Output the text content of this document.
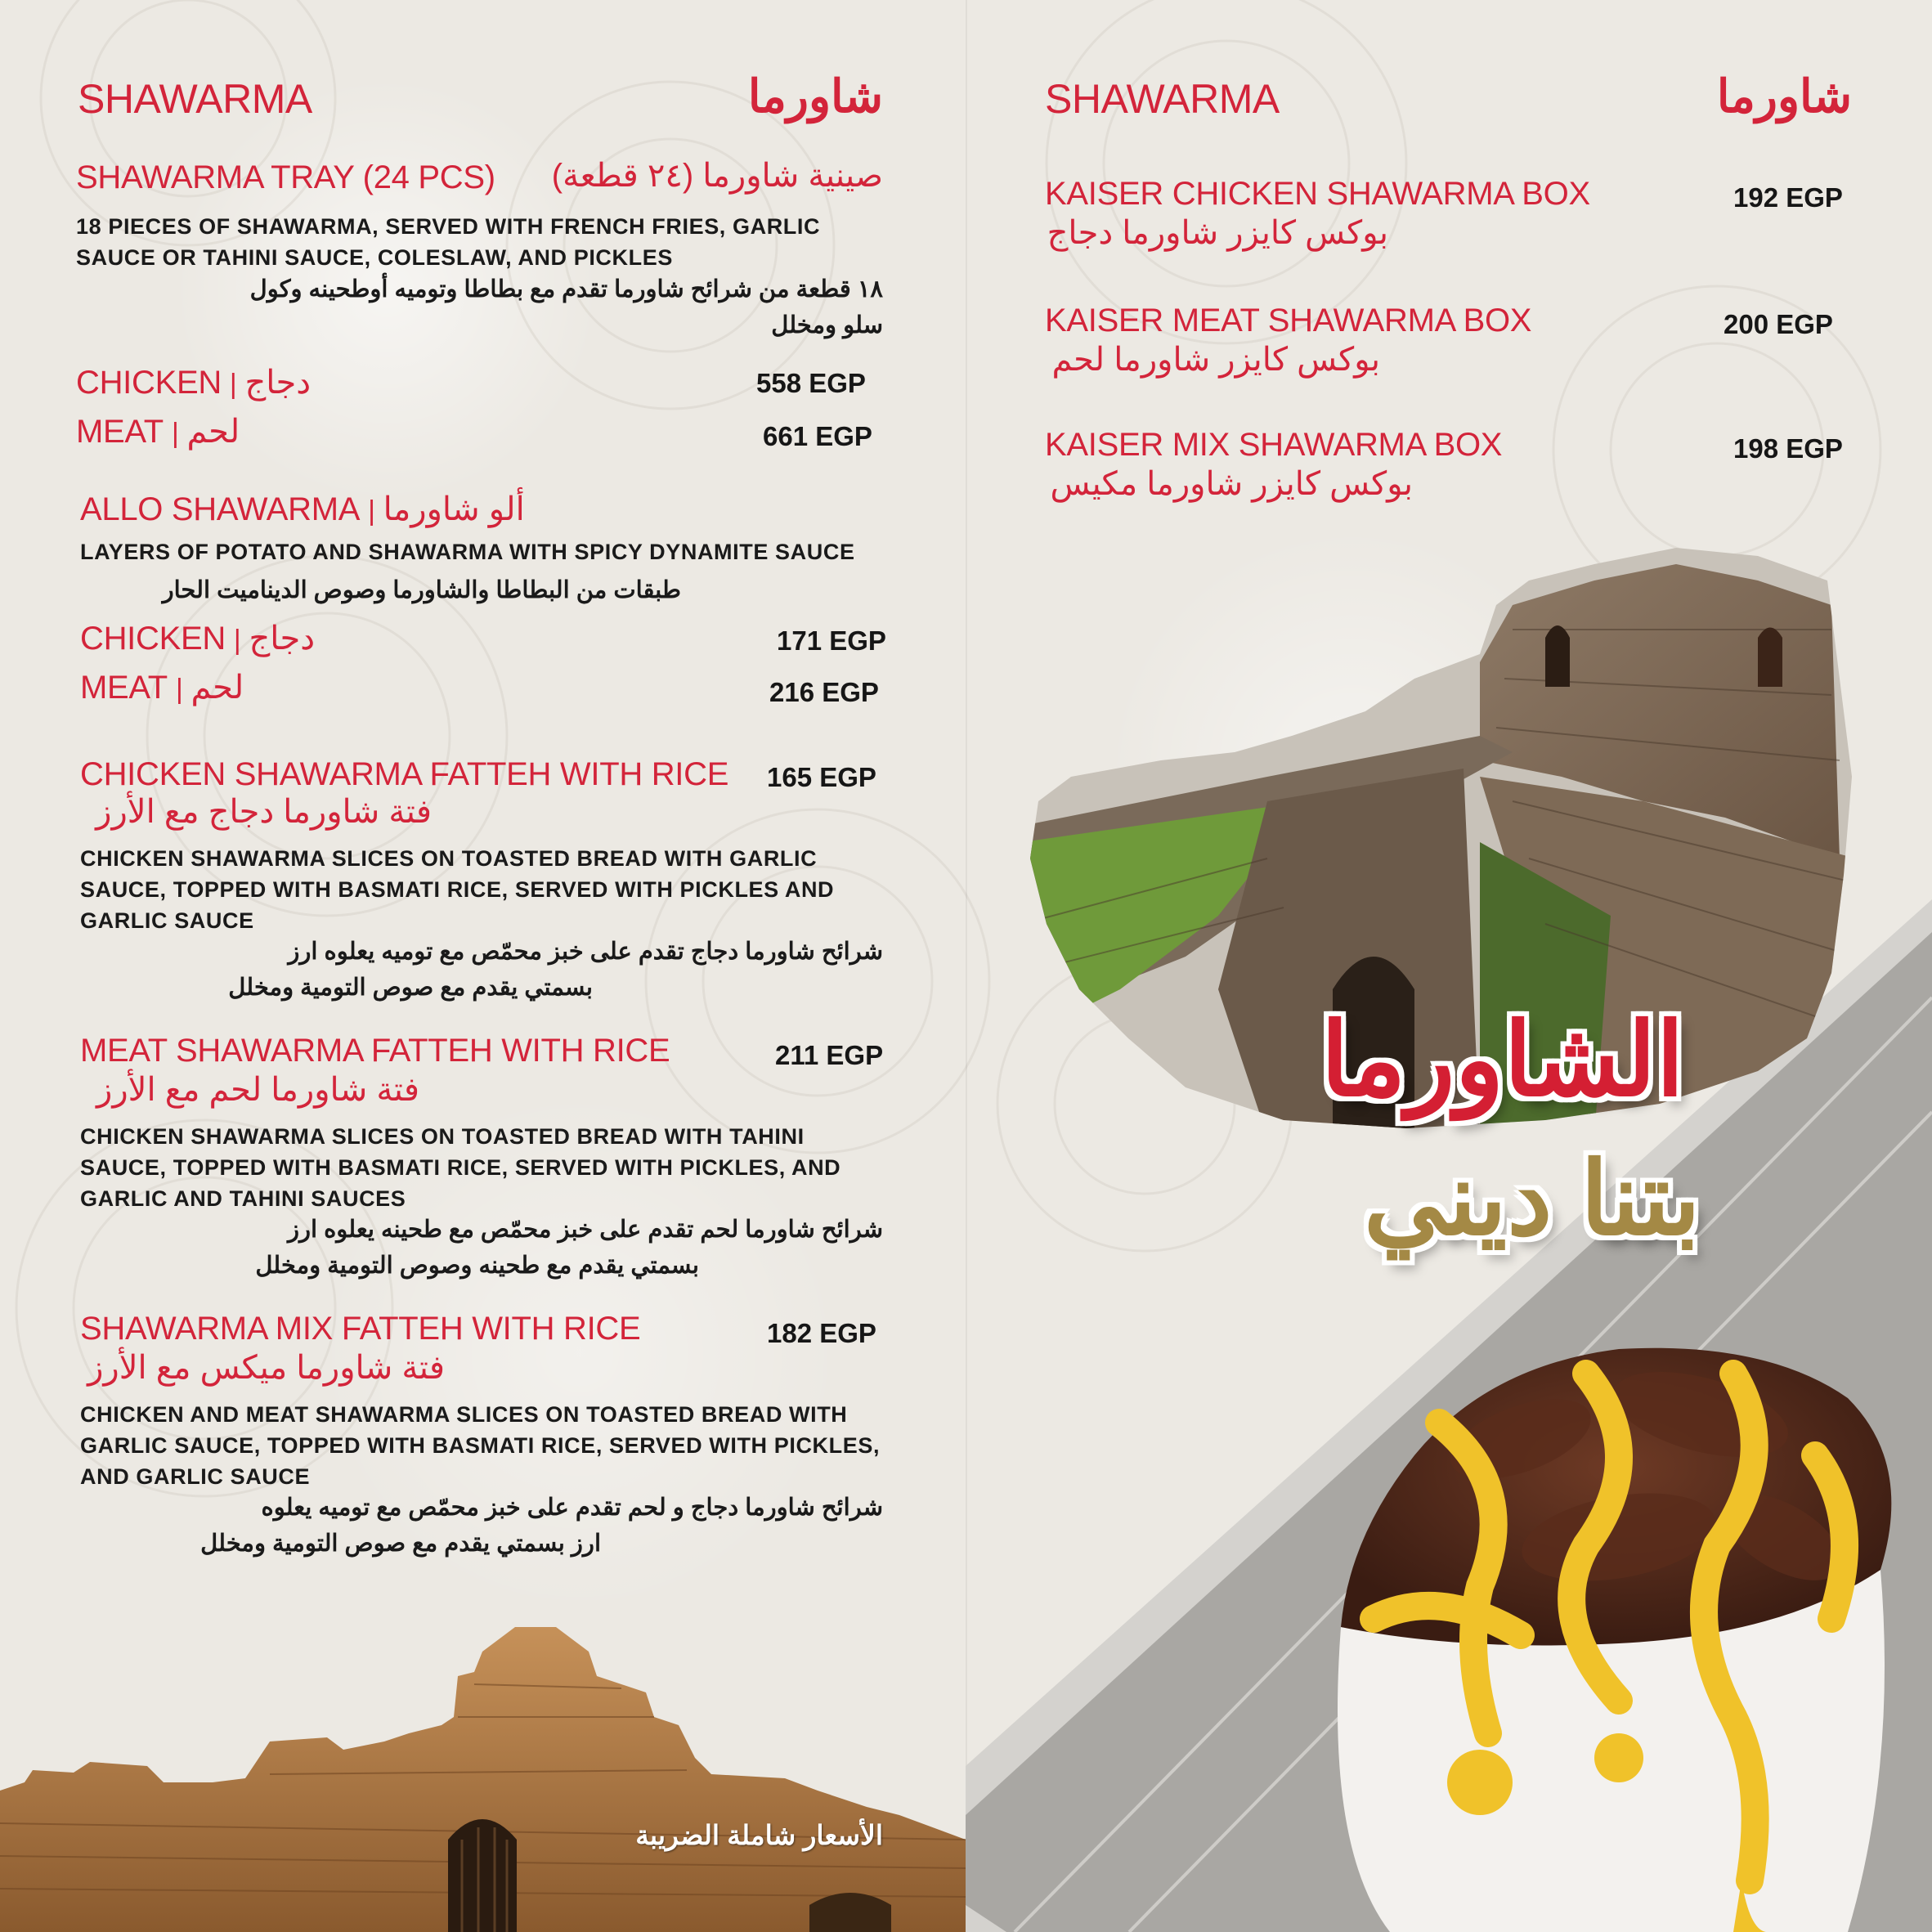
SHAWARMA	شاورما
SHAWARMA TRAY (24 PCS)	صينية شاورما (٢٤ قطعة)
18 PIECES OF SHAWARMA, SERVED WITH FRENCH FRIES, GARLIC
SAUCE OR TAHINI SAUCE, COLESLAW, AND PICKLES
١٨ قطعة من شرائح شاورما تقدم مع بطاطا وتوميه أوطحينه وكول
سلو ومخلل
CHICKEN | دجاج	558 EGP
MEAT | لحم	661 EGP
ALLO SHAWARMA | ألو شاورما
LAYERS OF POTATO AND SHAWARMA WITH SPICY DYNAMITE SAUCE
طبقات من البطاطا والشاورما وصوص الديناميت الحار
CHICKEN | دجاج	171 EGP
MEAT | لحم	216 EGP
CHICKEN SHAWARMA FATTEH WITH RICE 165 EGP
فتة شاورما دجاج مع الأرز
CHICKEN SHAWARMA SLICES ON TOASTED BREAD WITH GARLIC
SAUCE, TOPPED WITH BASMATI RICE, SERVED WITH PICKLES AND
GARLIC SAUCE
شرائح شاورما دجاج تقدم على خبز محمّص مع توميه يعلوه ارز
بسمتي يقدم مع صوص التومية ومخلل
MEAT SHAWARMA FATTEH WITH RICE	211 EGP
فتة شاورما لحم مع الأرز
CHICKEN SHAWARMA SLICES ON TOASTED BREAD WITH TAHINI
SAUCE, TOPPED WITH BASMATI RICE, SERVED WITH PICKLES, AND
GARLIC AND TAHINI SAUCES
شرائح شاورما لحم تقدم على خبز محمّص مع طحينه يعلوه ارز
بسمتي يقدم مع طحينه وصوص التومية ومخلل
SHAWARMA MIX FATTEH WITH RICE	182 EGP
فتة شاورما ميكس مع الأرز
CHICKEN AND MEAT SHAWARMA SLICES ON TOASTED BREAD WITH
GARLIC SAUCE, TOPPED WITH BASMATI RICE, SERVED WITH PICKLES,
AND GARLIC SAUCE
شرائح شاورما دجاج و لحم تقدم على خبز محمّص مع توميه يعلوه
ارز بسمتي يقدم مع صوص التومية ومخلل
الأسعار شاملة الضريبة
SHAWARMA	شاورما
KAISER CHICKEN SHAWARMA BOX	192 EGP
بوكس كايزر شاورما دجاج
KAISER MEAT SHAWARMA BOX	200 EGP
بوكس كايزر شاورما لحم
KAISER MIX SHAWARMA BOX	198 EGP
بوكس كايزر شاورما مكيس
الشاورما
بتنا ديني
